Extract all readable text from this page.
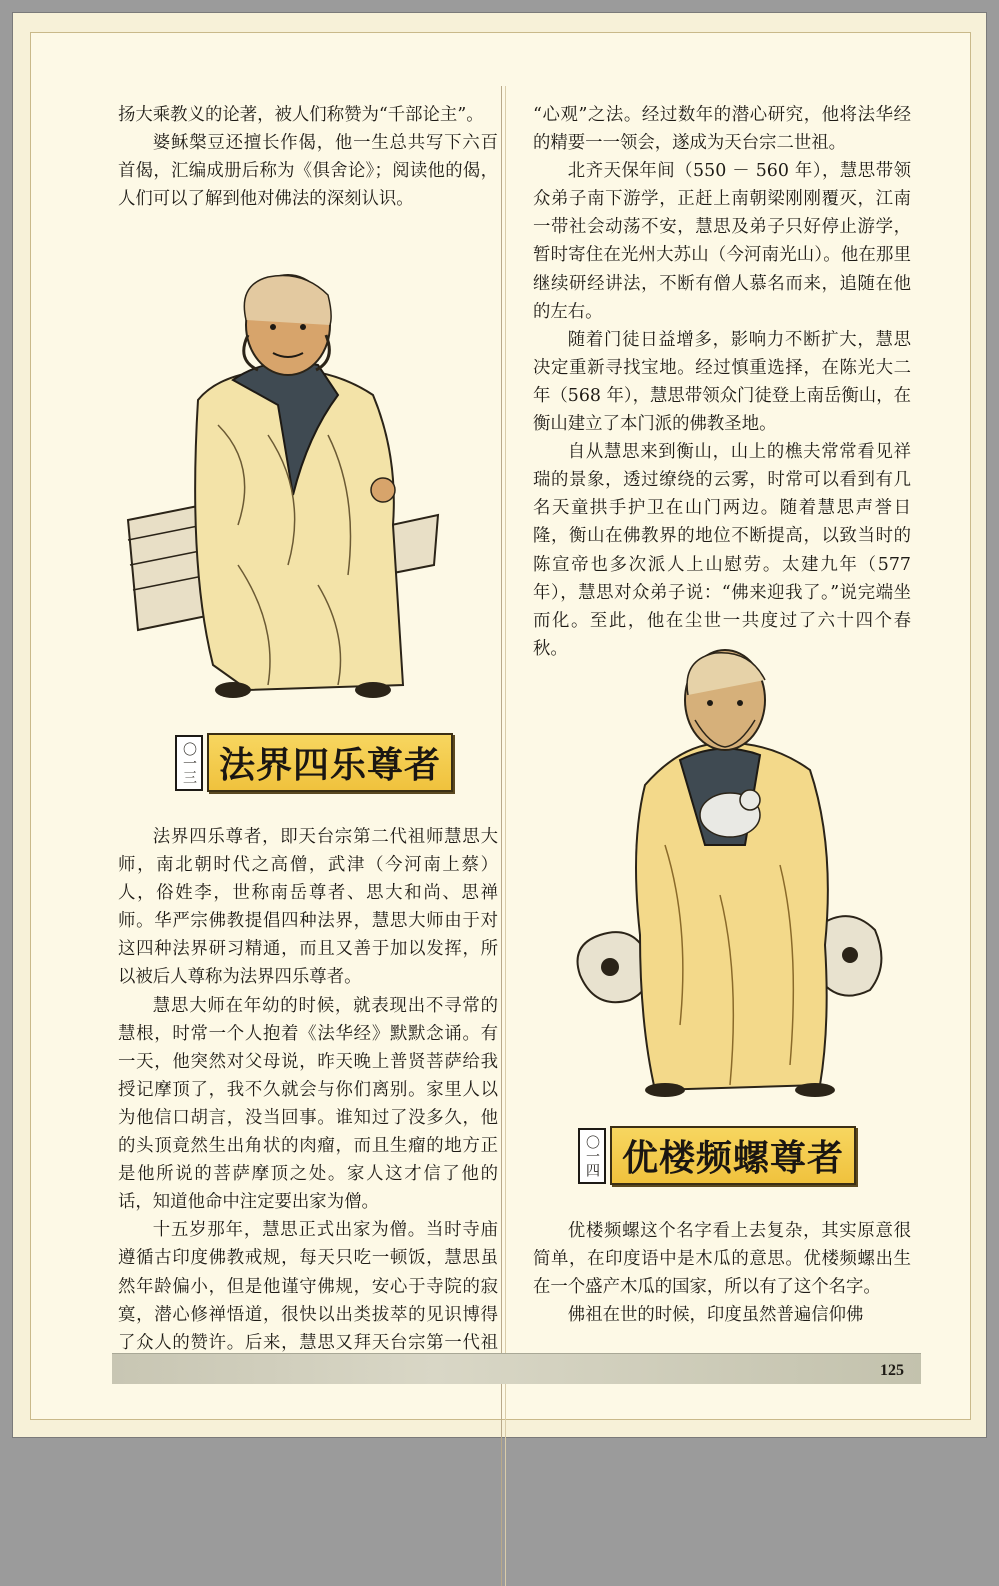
扬大乘教义的论著，被人们称赞为“千部论主”。

婆稣槃豆还擅长作偈，他一生总共写下六百首偈，汇编成册后称为《俱舍论》；阅读他的偈，人们可以了解到他对佛法的深刻认识。

〇一三 法界四乐尊者

法界四乐尊者，即天台宗第二代祖师慧思大师，南北朝时代之高僧，武津（今河南上蔡）人，俗姓李，世称南岳尊者、思大和尚、思禅师。华严宗佛教提倡四种法界，慧思大师由于对这四种法界研习精通，而且又善于加以发挥，所以被后人尊称为法界四乐尊者。

慧思大师在年幼的时候，就表现出不寻常的慧根，时常一个人抱着《法华经》默默念诵。有一天，他突然对父母说，昨天晚上普贤菩萨给我授记摩顶了，我不久就会与你们离别。家里人以为他信口胡言，没当回事。谁知过了没多久，他的头顶竟然生出角状的肉瘤，而且生瘤的地方正是他所说的菩萨摩顶之处。家人这才信了他的话，知道他命中注定要出家为僧。

十五岁那年，慧思正式出家为僧。当时寺庙遵循古印度佛教戒规，每天只吃一顿饭，慧思虽然年龄偏小，但是他谨守佛规，安心于寺院的寂寞，潜心修禅悟道，很快以出类拔萃的见识博得了众人的赞许。后来，慧思又拜天台宗第一代祖

“心观”之法。经过数年的潜心研究，他将法华经的精要一一领会，遂成为天台宗二世祖。

北齐天保年间（550 － 560 年），慧思带领众弟子南下游学，正赶上南朝梁刚刚覆灭，江南一带社会动荡不安，慧思及弟子只好停止游学，暂时寄住在光州大苏山（今河南光山）。他在那里继续研经讲法，不断有僧人慕名而来，追随在他的左右。

随着门徒日益增多，影响力不断扩大，慧思决定重新寻找宝地。经过慎重选择，在陈光大二年（568 年），慧思带领众门徒登上南岳衡山，在衡山建立了本门派的佛教圣地。

自从慧思来到衡山，山上的樵夫常常看见祥瑞的景象，透过缭绕的云雾，时常可以看到有几名天童拱手护卫在山门两边。随着慧思声誉日隆，衡山在佛教界的地位不断提高，以致当时的陈宣帝也多次派人上山慰劳。太建九年（577 年），慧思对众弟子说：“佛来迎我了。”说完端坐而化。至此，他在尘世一共度过了六十四个春秋。

〇一四 优楼频螺尊者

优楼频螺这个名字看上去复杂，其实原意很简单，在印度语中是木瓜的意思。优楼频螺出生在一个盛产木瓜的国家，所以有了这个名字。

佛祖在世的时候，印度虽然普遍信仰佛

125
